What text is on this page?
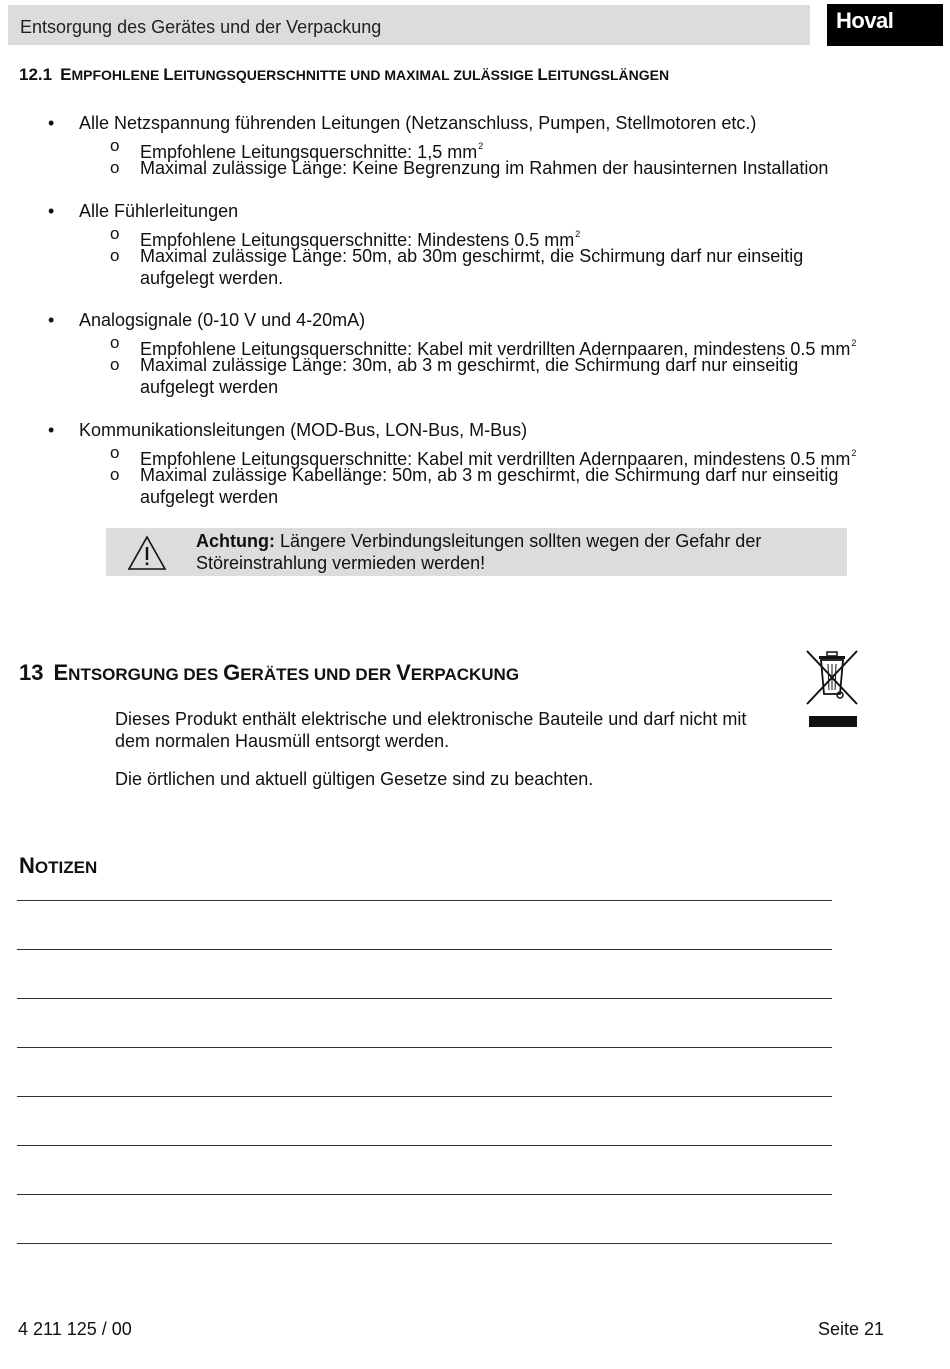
Entsorgung des Gerätes und der Verpackung	Hoval
12.1 EMPFOHLENE LEITUNGSQUERSCHNITTE UND MAXIMAL ZULÄSSIGE LEITUNGSLÄNGEN
• Alle Netzspannung führenden Leitungen (Netzanschluss, Pumpen, Stellmotoren etc.)
o Empfohlene Leitungsquerschnitte: 1,5 $mm^2$
o Maximal zulässige Länge: Keine Begrenzung im Rahmen der hausinternen Installation
• Alle Fühlerleitungen
o Empfohlene Leitungsquerschnitte: Mindestens 0.5 $mm^2$
o Maximal zulässige Länge: 50m, ab 30m geschirmt, die Schirmung darf nur einseitig aufgelegt werden.
• Analogsignale (0-10 V und 4-20mA)
o Empfohlene Leitungsquerschnitte: Kabel mit verdrillten Adernpaaren, mindestens 0.5 $mm^2$
o Maximal zulässige Länge: 30m, ab 3 m geschirmt, die Schirmung darf nur einseitig aufgelegt werden
• Kommunikationsleitungen (MOD-Bus, LON-Bus, M-Bus)
o Empfohlene Leitungsquerschnitte: Kabel mit verdrillten Adernpaaren, mindestens 0.5 $mm^2$
o Maximal zulässige Kabellänge: 50m, ab 3 m geschirmt, die Schirmung darf nur einseitig aufgelegt werden
Achtung: Längere Verbindungsleitungen sollten wegen der Gefahr der Störeinstrahlung vermieden werden!
13 ENTSORGUNG DES GERÄTES UND DER VERPACKUNG
Dieses Produkt enthält elektrische und elektronische Bauteile und darf nicht mit dem normalen Hausmüll entsorgt werden.
Die örtlichen und aktuell gültigen Gesetze sind zu beachten.
NOTIZEN
4 211 125 / 00	Seite 21
